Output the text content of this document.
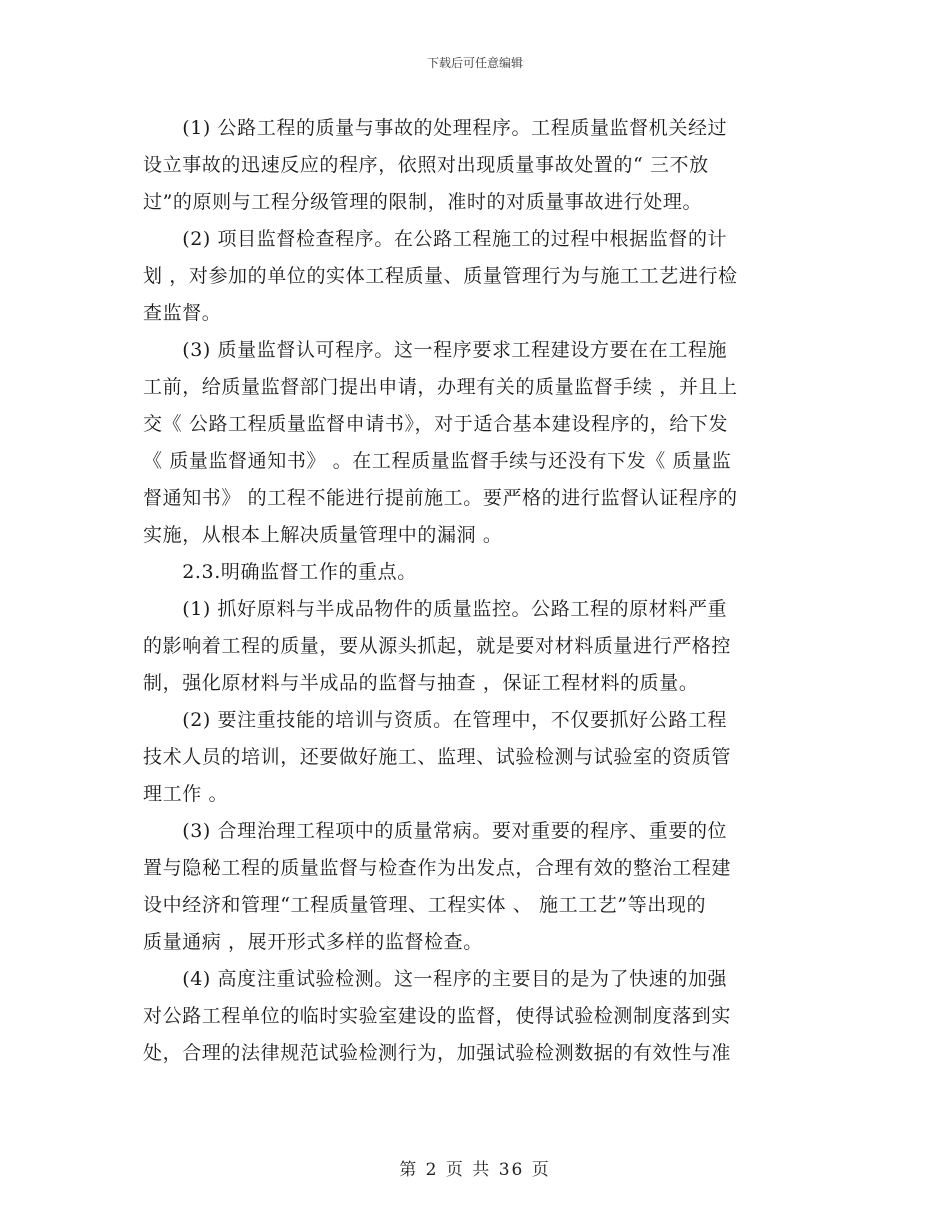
下载后可任意编辑
　　(1) 公路工程的质量与事故的处理程序。工程质量监督机关经过
设立事故的迅速反应的程序，依照对出现质量事故处置的“ 三不放
过”的原则与工程分级管理的限制，准时的对质量事故进行处理。
　　(2) 项目监督检查程序。在公路工程施工的过程中根据监督的计
划 ，对参加的单位的实体工程质量、质量管理行为与施工工艺进行检
查监督。
　　(3) 质量监督认可程序。这一程序要求工程建设方要在在工程施
工前，给质量监督部门提出申请，办理有关的质量监督手续 ，并且上
交《 公路工程质量监督申请书》，对于适合基本建设程序的，给下发
《 质量监督通知书》 。在工程质量监督手续与还没有下发《 质量监
督通知书》 的工程不能进行提前施工。要严格的进行监督认证程序的
实施，从根本上解决质量管理中的漏洞 。
　　2.3.明确监督工作的重点。
　　(1) 抓好原料与半成品物件的质量监控。公路工程的原材料严重
的影响着工程的质量，要从源头抓起，就是要对材料质量进行严格控
制，强化原材料与半成品的监督与抽查 ，保证工程材料的质量。
　　(2) 要注重技能的培训与资质。在管理中，不仅要抓好公路工程
技术人员的培训，还要做好施工、监理、试验检测与试验室的资质管
理工作 。
　　(3) 合理治理工程项中的质量常病。要对重要的程序、重要的位
置与隐秘工程的质量监督与检查作为出发点，合理有效的整治工程建
设中经济和管理“工程质量管理、工程实体 、 施工工艺”等出现的
质量通病 ，展开形式多样的监督检查。
　　(4) 高度注重试验检测。这一程序的主要目的是为了快速的加强
对公路工程单位的临时实验室建设的监督，使得试验检测制度落到实
处，合理的法律规范试验检测行为，加强试验检测数据的有效性与准
第 2 页 共 36 页
